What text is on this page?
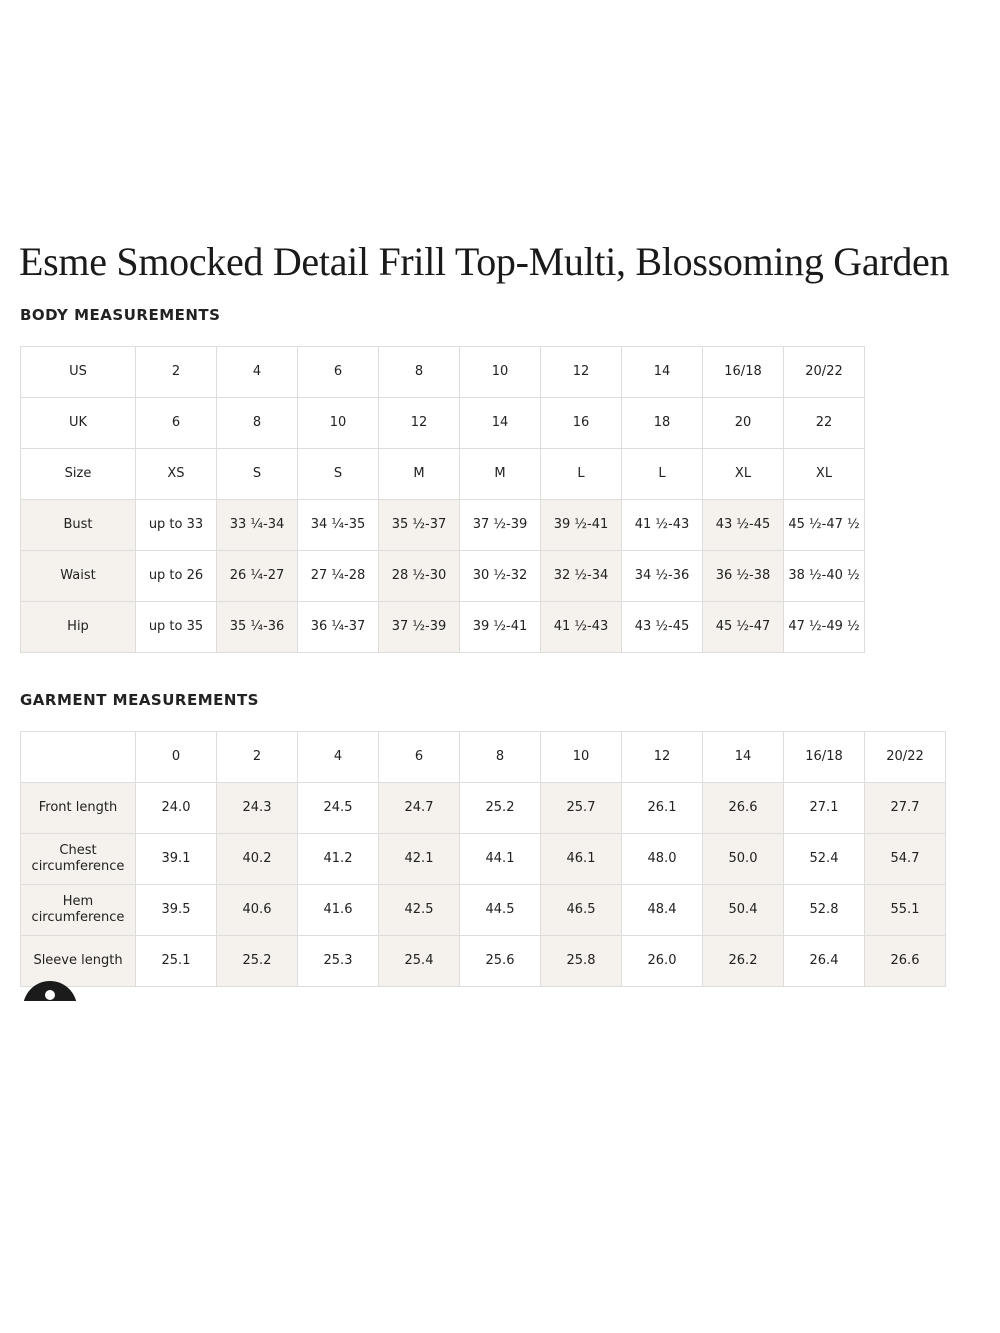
Esme Smocked Detail Frill Top-Multi, Blossoming Garden
BODY MEASUREMENTS
US	2	4	6	8	10	12	14	16/18	20/22
UK	6	8	10	12	14	16	18	20	22
Size	XS	S	S	M	M	L	L	XL	XL
Bust	up to 33	33 ¼-34	34 ¼-35	35 ½-37	37 ½-39	39 ½-41	41 ½-43	43 ½-45	45 ½-47 ½
Waist	up to 26	26 ¼-27	27 ¼-28	28 ½-30	30 ½-32	32 ½-34	34 ½-36	36 ½-38	38 ½-40 ½
Hip	up to 35	35 ¼-36	36 ¼-37	37 ½-39	39 ½-41	41 ½-43	43 ½-45	45 ½-47	47 ½-49 ½
GARMENT MEASUREMENTS
	0	2	4	6	8	10	12	14	16/18	20/22
Front length	24.0	24.3	24.5	24.7	25.2	25.7	26.1	26.6	27.1	27.7

Chest
circumference	39.1	40.2	41.2	42.1	44.1	46.1	48.0	50.0	52.4	54.7

Hem
circumference	39.5	40.6	41.6	42.5	44.5	46.5	48.4	50.4	52.8	55.1
Sleeve length	25.1	25.2	25.3	25.4	25.6	25.8	26.0	26.2	26.4	26.6
